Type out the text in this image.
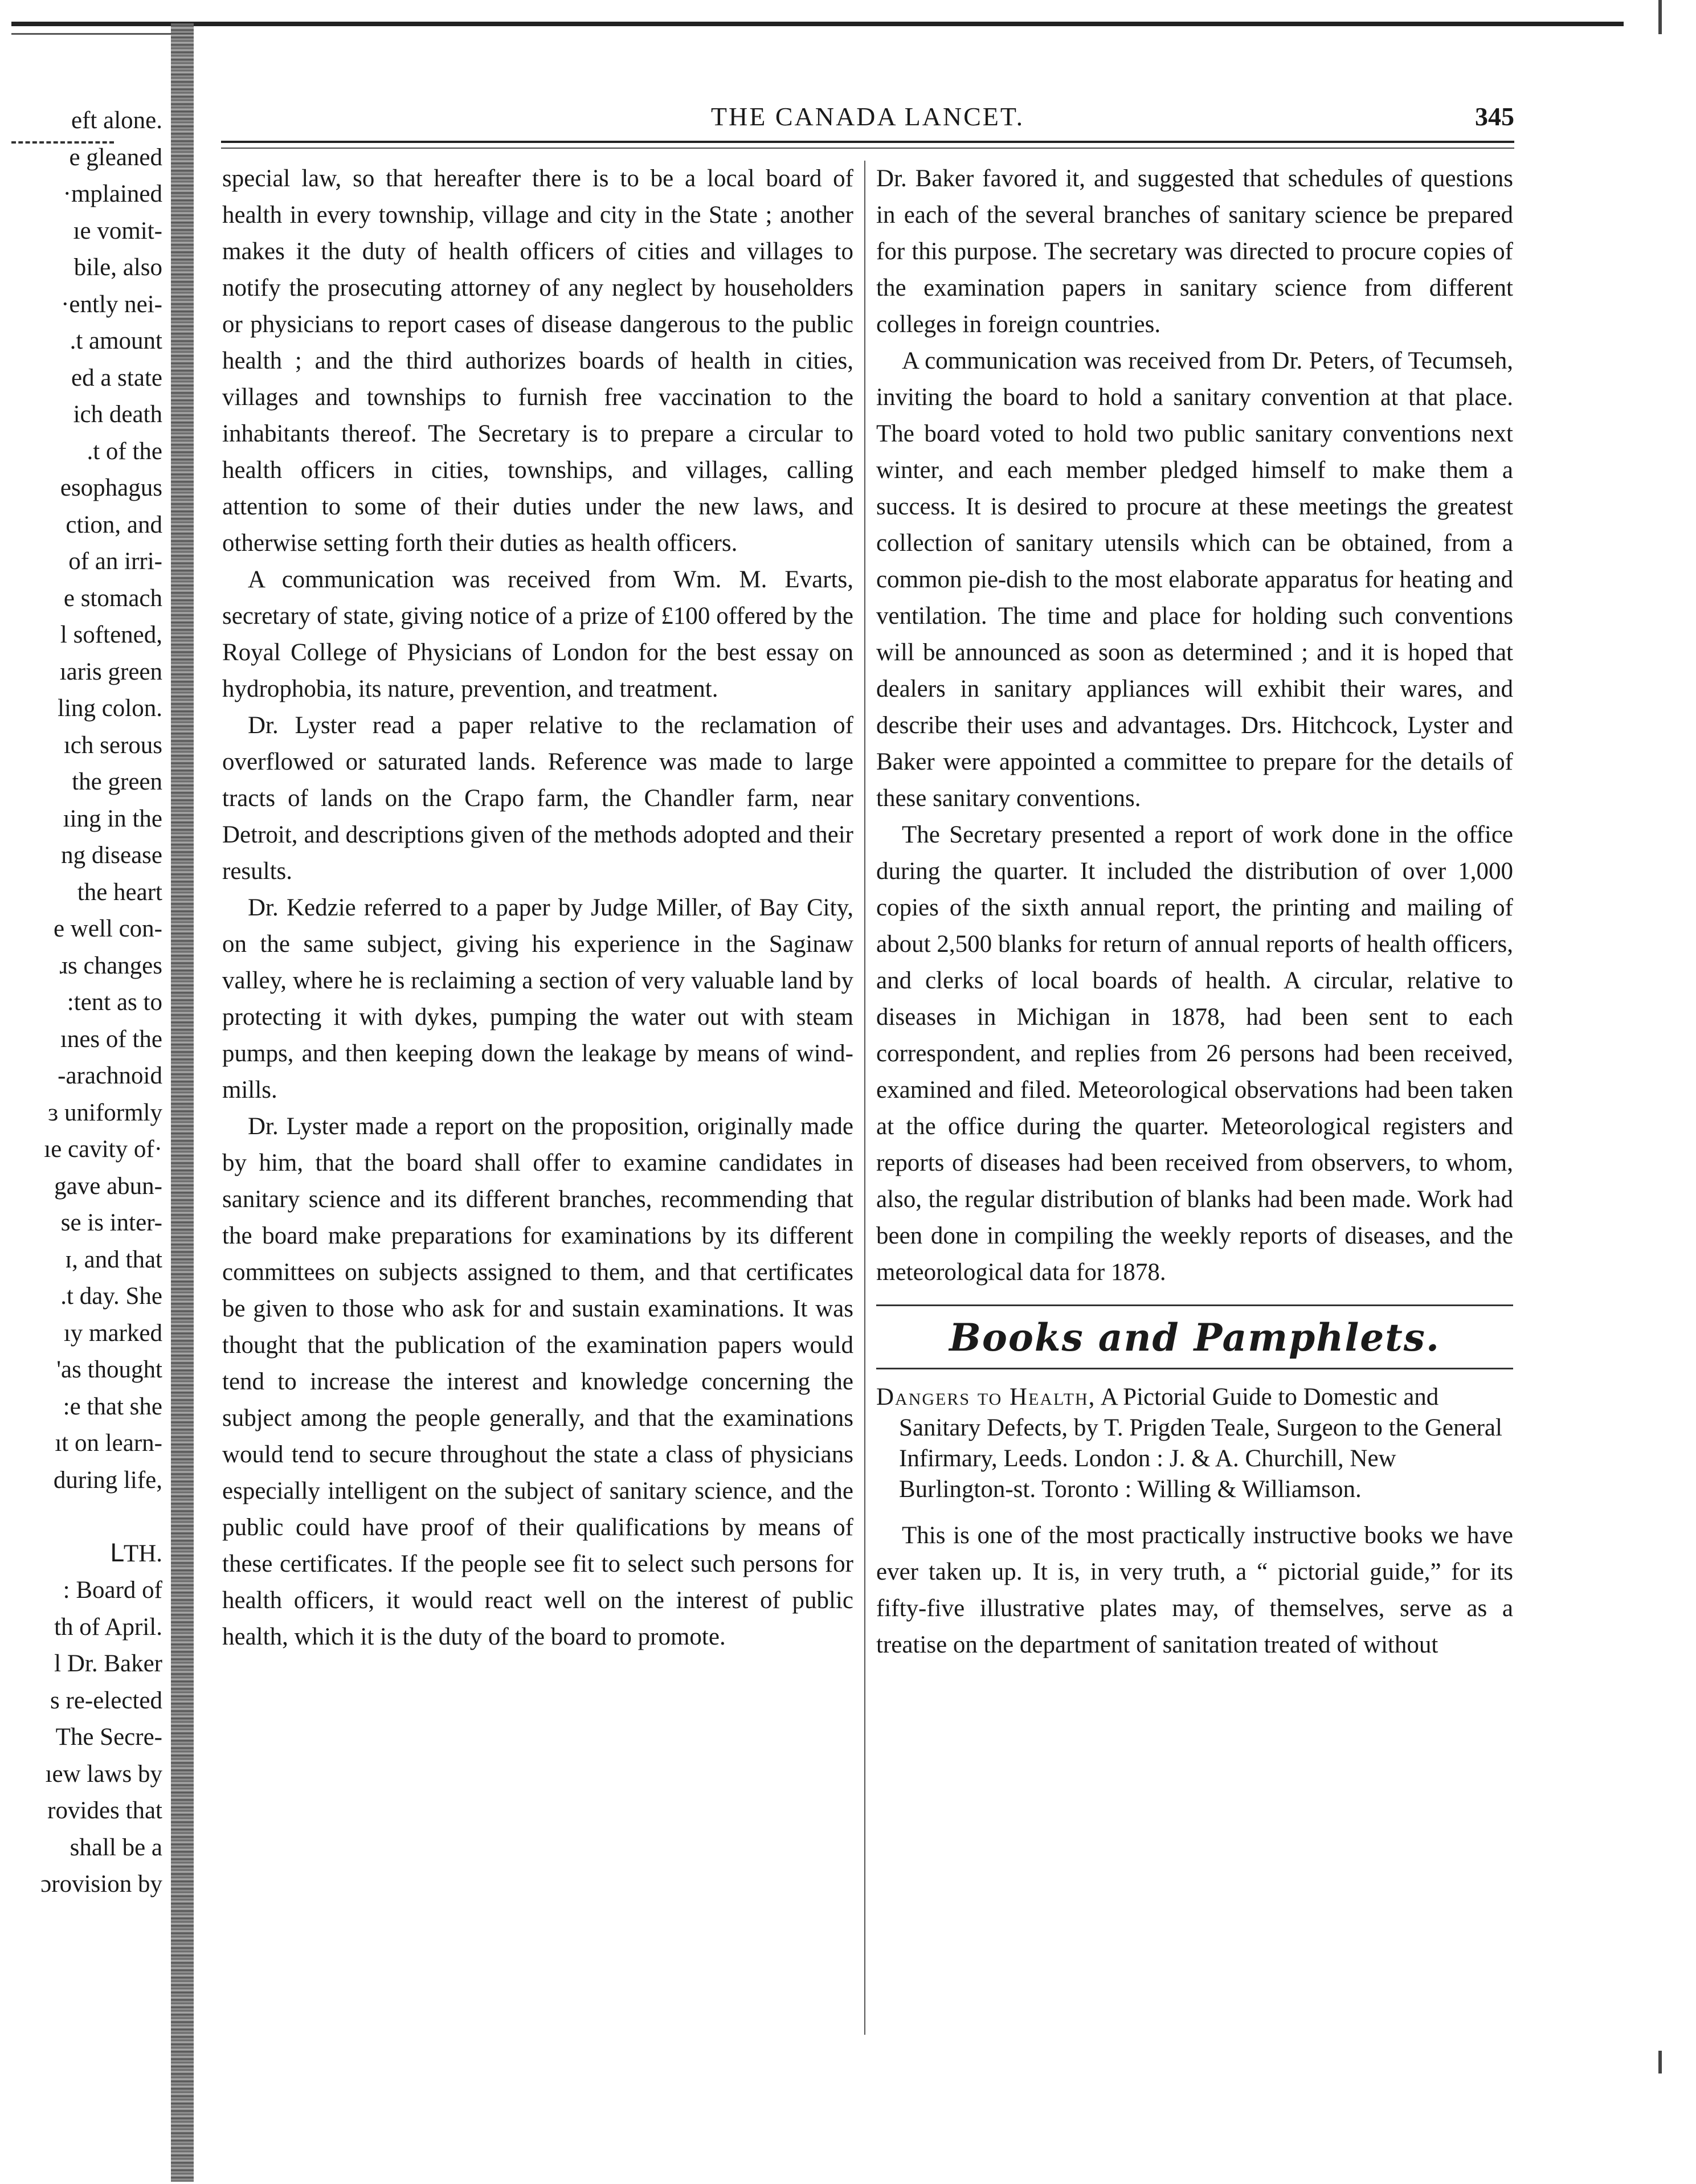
eft alone.
e gleaned
·mplained
ıe vomit-
bile, also
·ently nei-
.t amount
ed a state
ich death
.t of the
esophagus
ction, and
of an irri-
e stomach
l softened,
ıaris green
ling colon.
ıch serous
the green
ıing in the
ng disease
the heart
e well con-
ɹs changes
:tent as to
ınes of the
-arachnoid
ɜ uniformly
ıe cavity of·
gave abun-
se is inter-
ɪ, and that
.t day. She
ıy marked
'as thought
:e that she
ıt on learn-
during life,
ᒪTH.
: Board of
th of April.
l Dr. Baker
s re-elected
The Secre-
ıew laws by
rovides that
shall be a
ɔrovision by
THE CANADA LANCET.	345

special law, so that hereafter there is to be a local board of health in every township, village and city in the State ; another makes it the duty of health officers of cities and villages to notify the prosecuting attorney of any neglect by householders or physicians to report cases of disease dangerous to the public health ; and the third authorizes boards of health in cities, villages and townships to furnish free vaccination to the inhabitants thereof. The Secretary is to prepare a circular to health officers in cities, townships, and villages, calling attention to some of their duties under the new laws, and otherwise setting forth their duties as health officers.

A communication was received from Wm. M. Evarts, secretary of state, giving notice of a prize of £100 offered by the Royal College of Physicians of London for the best essay on hydrophobia, its nature, prevention, and treatment.

Dr. Lyster read a paper relative to the reclamation of overflowed or saturated lands. Reference was made to large tracts of lands on the Crapo farm, the Chandler farm, near Detroit, and descriptions given of the methods adopted and their results.

Dr. Kedzie referred to a paper by Judge Miller, of Bay City, on the same subject, giving his experience in the Saginaw valley, where he is reclaiming a section of very valuable land by protecting it with dykes, pumping the water out with steam pumps, and then keeping down the leakage by means of wind-mills.

Dr. Lyster made a report on the proposition, originally made by him, that the board shall offer to examine candidates in sanitary science and its different branches, recommending that the board make preparations for examinations by its different committees on subjects assigned to them, and that certificates be given to those who ask for and sustain examinations. It was thought that the publication of the examination papers would tend to increase the interest and knowledge concerning the subject among the people generally, and that the examinations would tend to secure throughout the state a class of physicians especially intelligent on the subject of sanitary science, and the public could have proof of their qualifications by means of these certificates. If the people see fit to select such persons for health officers, it would react well on the interest of public health, which it is the duty of the board to promote.

Dr. Baker favored it, and suggested that schedules of questions in each of the several branches of sanitary science be prepared for this purpose. The secretary was directed to procure copies of the examination papers in sanitary science from different colleges in foreign countries.

A communication was received from Dr. Peters, of Tecumseh, inviting the board to hold a sanitary convention at that place. The board voted to hold two public sanitary conventions next winter, and each member pledged himself to make them a success. It is desired to procure at these meetings the greatest collection of sanitary utensils which can be obtained, from a common pie-dish to the most elaborate apparatus for heating and ventilation. The time and place for holding such conventions will be announced as soon as determined ; and it is hoped that dealers in sanitary appliances will exhibit their wares, and describe their uses and advantages. Drs. Hitchcock, Lyster and Baker were appointed a committee to prepare for the details of these sanitary conventions.

The Secretary presented a report of work done in the office during the quarter. It included the distribution of over 1,000 copies of the sixth annual report, the printing and mailing of about 2,500 blanks for return of annual reports of health officers, and clerks of local boards of health. A circular, relative to diseases in Michigan in 1878, had been sent to each correspondent, and replies from 26 persons had been received, examined and filed. Meteorological observations had been taken at the office during the quarter. Meteorological registers and reports of diseases had been received from observers, to whom, also, the regular distribution of blanks had been made. Work had been done in compiling the weekly reports of diseases, and the meteorological data for 1878.

Books and Pamphlets.
Dangers to Health, A Pictorial Guide to Domestic and Sanitary Defects, by T. Prigden Teale, Surgeon to the General Infirmary, Leeds. London : J. & A. Churchill, New Burlington-st. Toronto : Willing & Williamson.

This is one of the most practically instructive books we have ever taken up. It is, in very truth, a “ pictorial guide,” for its fifty-five illustrative plates may, of themselves, serve as a treatise on the department of sanitation treated of without
